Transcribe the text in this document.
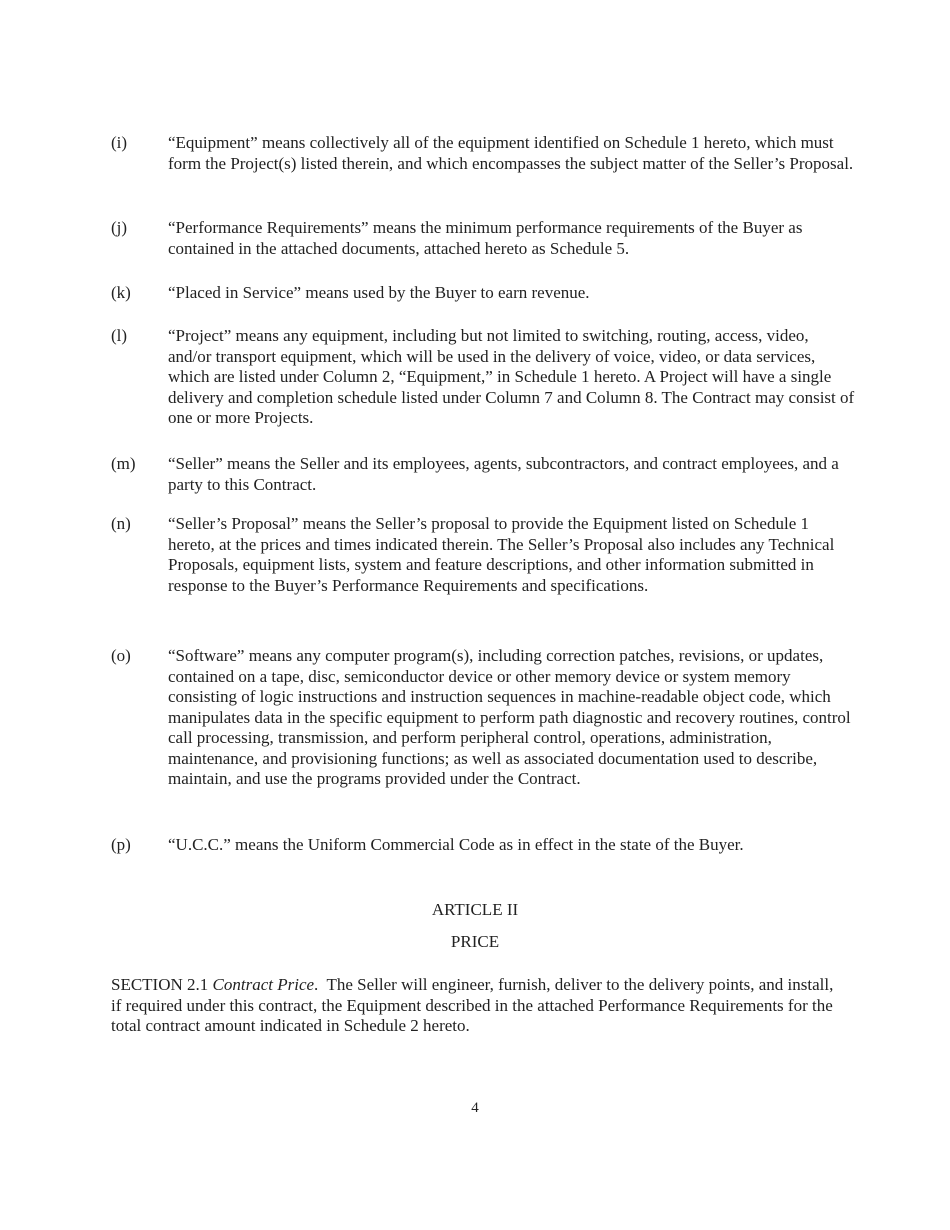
(i)	“Equipment” means collectively all of the equipment identified on Schedule 1 hereto, which must form the Project(s) listed therein, and which encompasses the subject matter of the Seller’s Proposal.
(j)	“Performance Requirements” means the minimum performance requirements of the Buyer as contained in the attached documents, attached hereto as Schedule 5.
(k)	“Placed in Service” means used by the Buyer to earn revenue.
(l)	“Project” means any equipment, including but not limited to switching, routing, access, video, and/or transport equipment, which will be used in the delivery of voice, video, or data services, which are listed under Column 2, “Equipment,” in Schedule 1 hereto. A Project will have a single delivery and completion schedule listed under Column 7 and Column 8. The Contract may consist of one or more Projects.
(m)	“Seller” means the Seller and its employees, agents, subcontractors, and contract employees, and a party to this Contract.
(n)	“Seller’s Proposal” means the Seller’s proposal to provide the Equipment listed on Schedule 1 hereto, at the prices and times indicated therein. The Seller’s Proposal also includes any Technical Proposals, equipment lists, system and feature descriptions, and other information submitted in response to the Buyer’s Performance Requirements and specifications.
(o)	“Software” means any computer program(s), including correction patches, revisions, or updates, contained on a tape, disc, semiconductor device or other memory device or system memory consisting of logic instructions and instruction sequences in machine-readable object code, which manipulates data in the specific equipment to perform path diagnostic and recovery routines, control call processing, transmission, and perform peripheral control, operations, administration, maintenance, and provisioning functions; as well as associated documentation used to describe, maintain, and use the programs provided under the Contract.
(p)	“U.C.C.” means the Uniform Commercial Code as in effect in the state of the Buyer.
ARTICLE II
PRICE
SECTION 2.1 Contract Price.  The Seller will engineer, furnish, deliver to the delivery points, and install, if required under this contract, the Equipment described in the attached Performance Requirements for the total contract amount indicated in Schedule 2 hereto.
4
